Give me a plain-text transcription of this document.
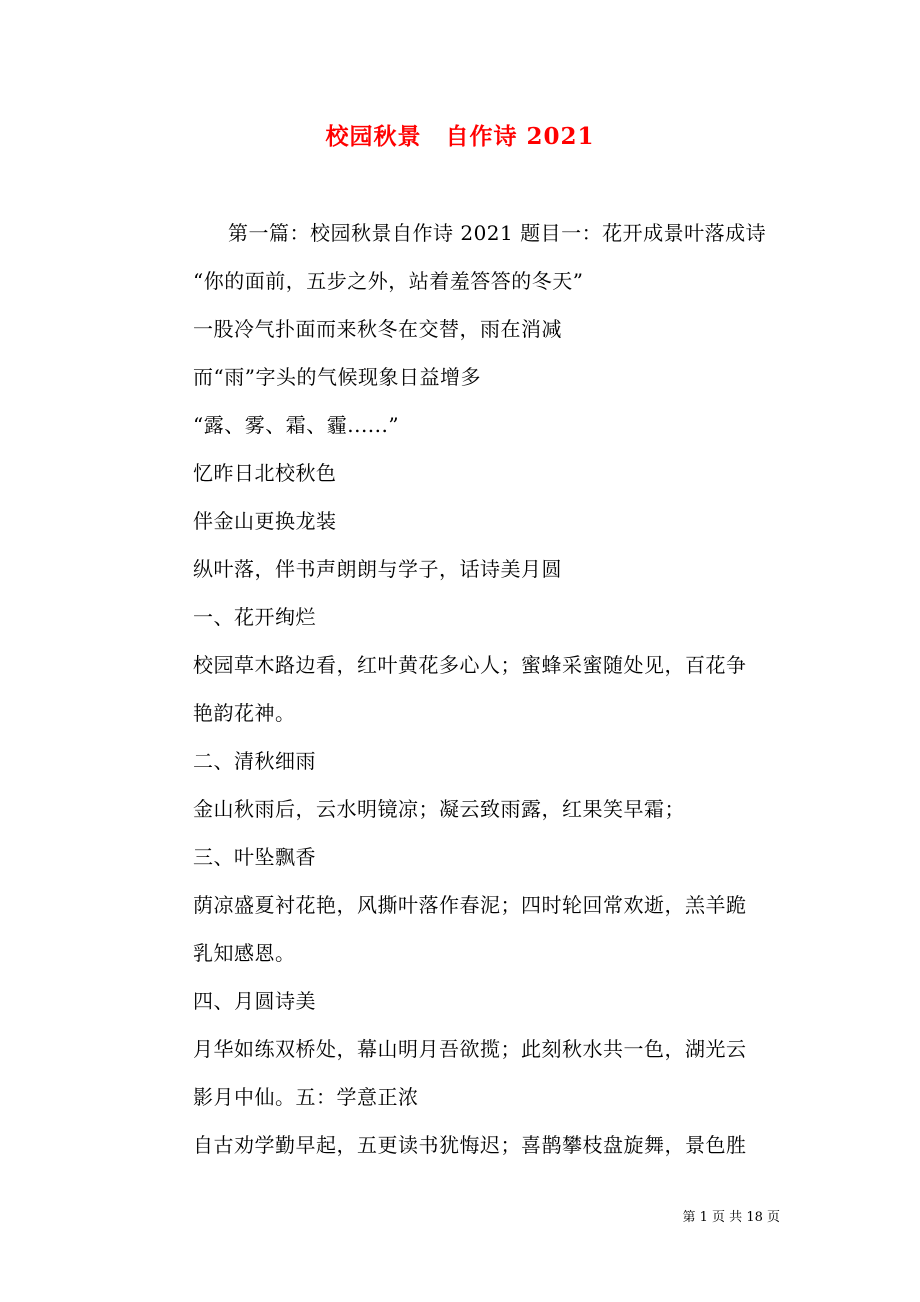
校园秋景　自作诗 2021
第一篇：校园秋景自作诗 2021 题目一：花开成景叶落成诗
“你的面前，五步之外，站着羞答答的冬天”
一股冷气扑面而来秋冬在交替，雨在消减
而“雨”字头的气候现象日益增多
“露、雾、霜、霾......”
忆昨日北校秋色
伴金山更换龙装
纵叶落，伴书声朗朗与学子，话诗美月圆
一、花开绚烂
校园草木路边看，红叶黄花多心人；蜜蜂采蜜随处见，百花争
艳韵花神。
二、清秋细雨
金山秋雨后，云水明镜凉；凝云致雨露，红果笑早霜；
三、叶坠飘香
荫凉盛夏衬花艳，风撕叶落作春泥；四时轮回常欢逝，羔羊跪
乳知感恩。
四、月圆诗美
月华如练双桥处，幕山明月吾欲揽；此刻秋水共一色，湖光云
影月中仙。五：学意正浓
自古劝学勤早起，五更读书犹悔迟；喜鹊攀枝盘旋舞，景色胜
第 1 页 共 18 页
